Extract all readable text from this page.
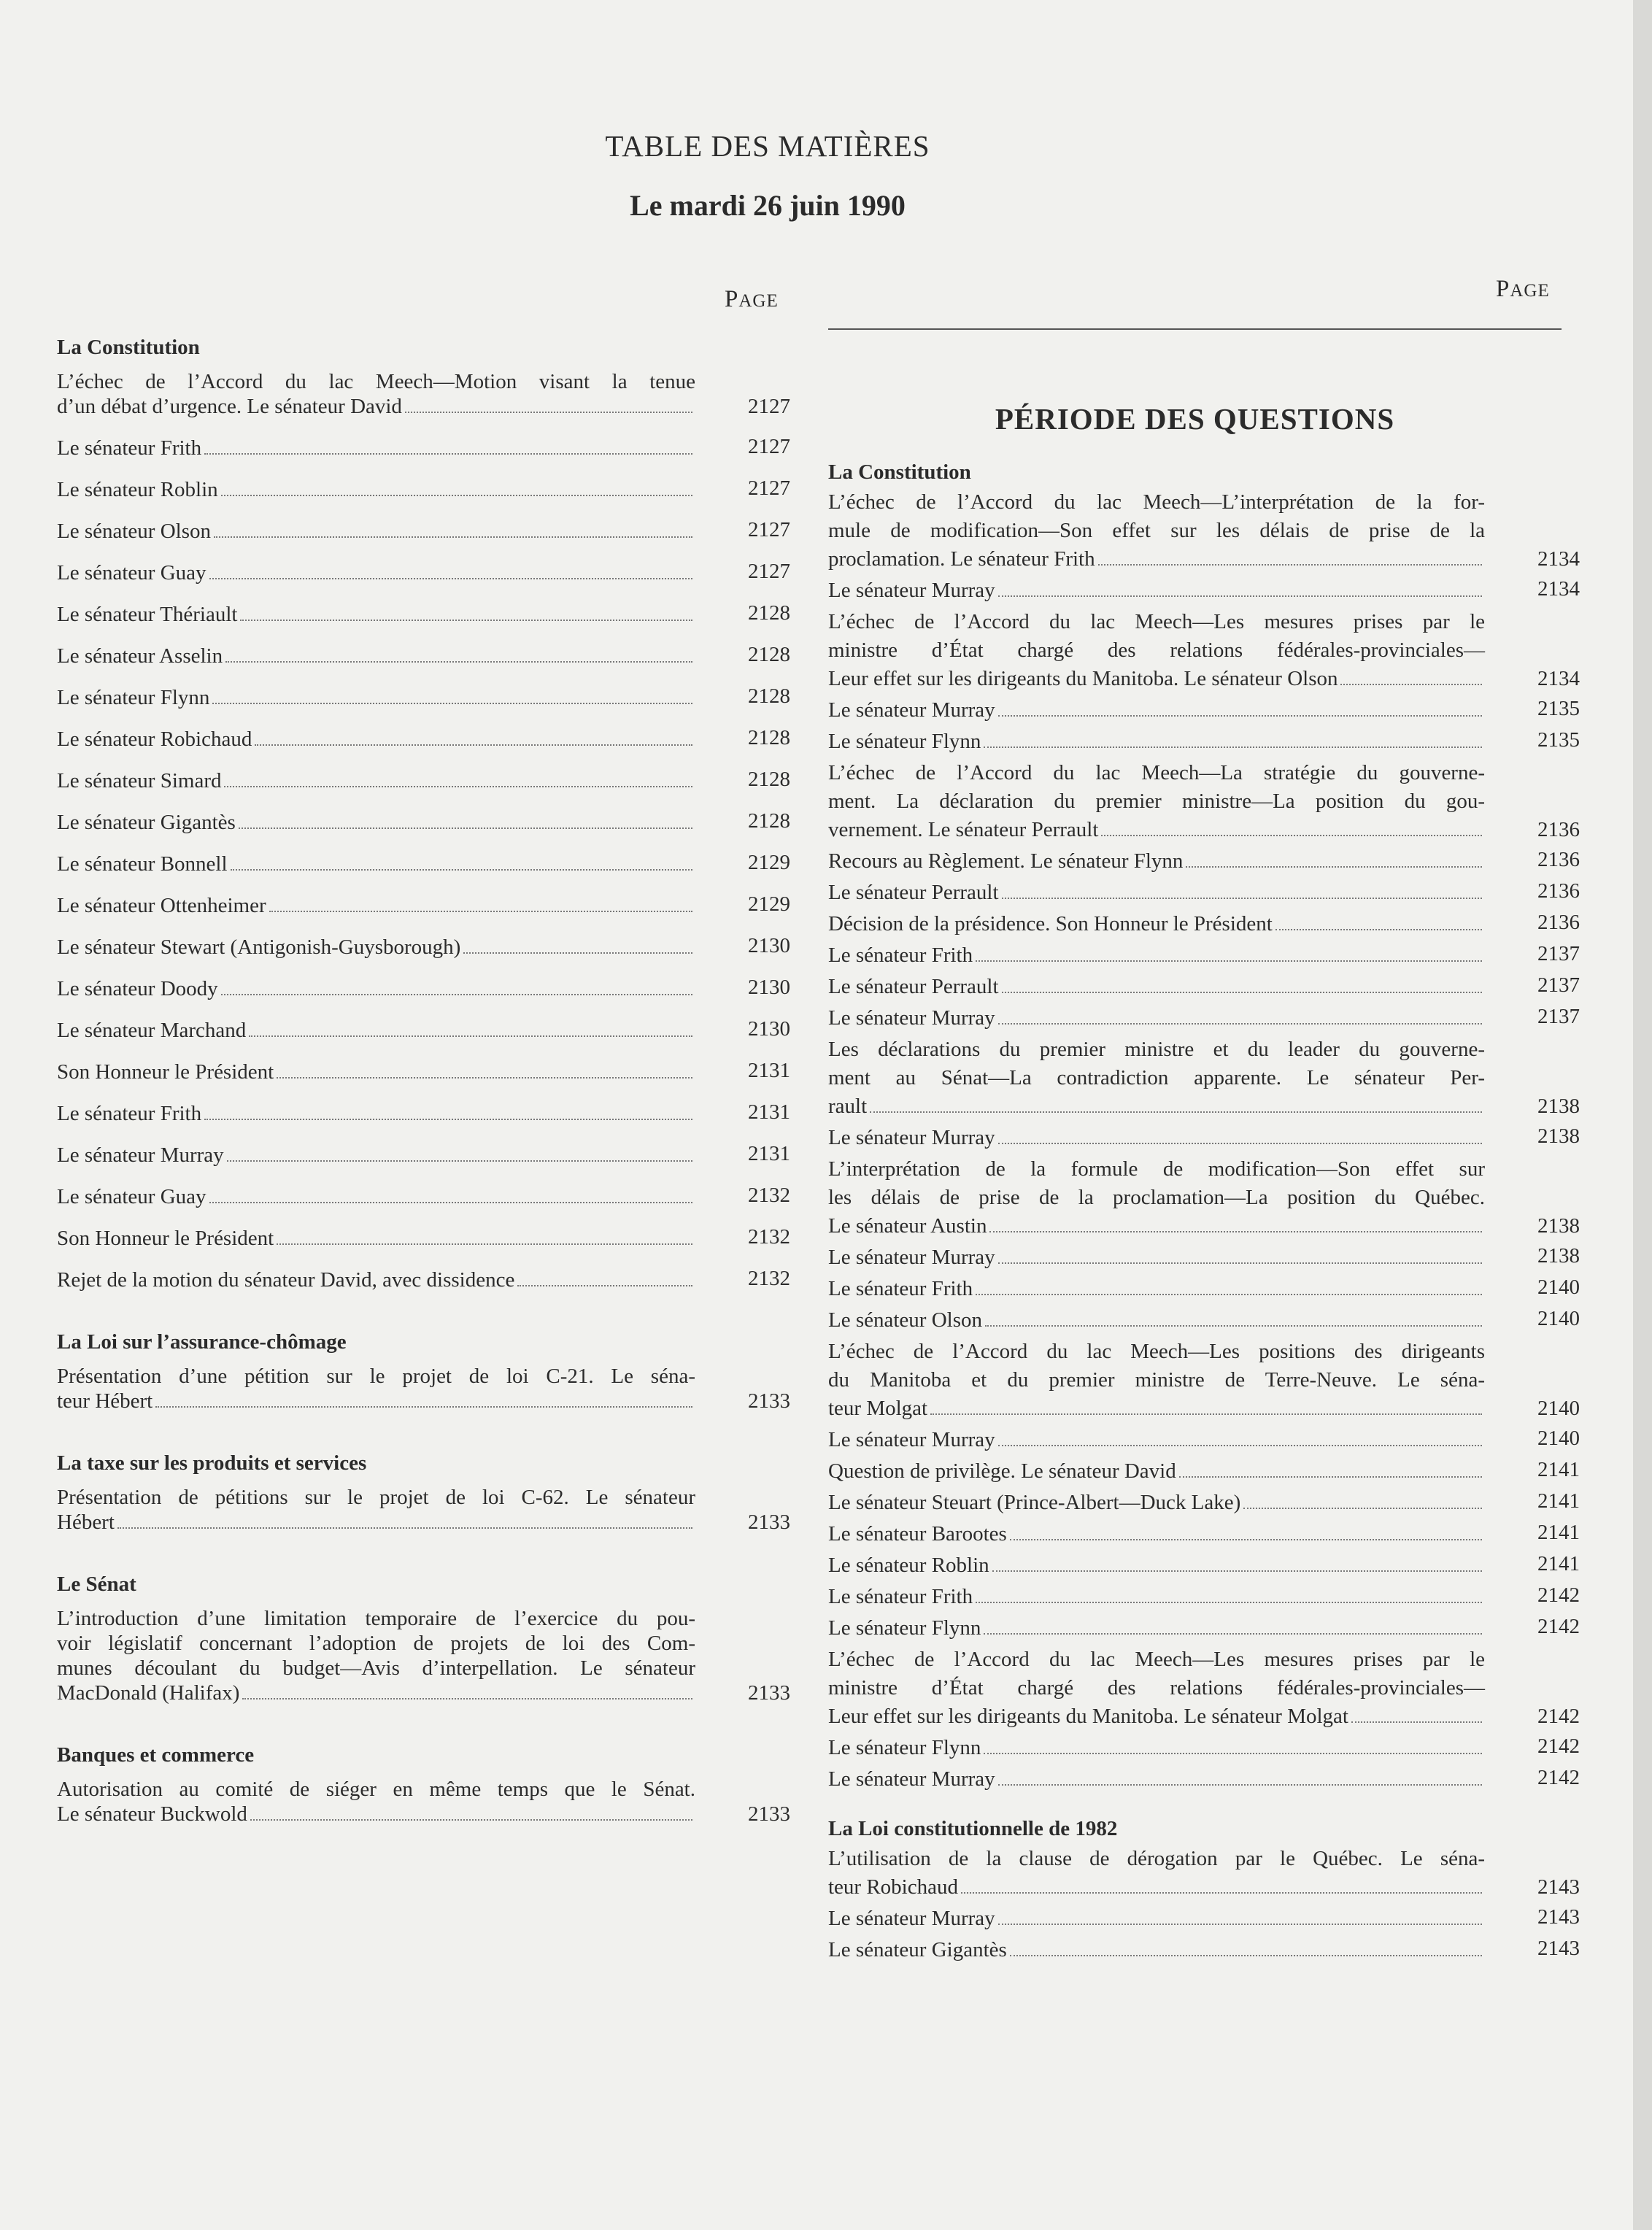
TABLE DES MATIÈRES
Le mardi 26 juin 1990
PAGE	PAGE
PÉRIODE DES QUESTIONS
La Constitution
L’échec de l’Accord du lac Meech—Motion visant la tenue
d’un débat d’urgence. Le sénateur David	2127
Le sénateur Frith	2127
Le sénateur Roblin	2127
Le sénateur Olson	2127
Le sénateur Guay	2127
Le sénateur Thériault	2128
Le sénateur Asselin	2128
Le sénateur Flynn	2128
Le sénateur Robichaud	2128
Le sénateur Simard	2128
Le sénateur Gigantès	2128
Le sénateur Bonnell	2129
Le sénateur Ottenheimer	2129
Le sénateur Stewart (Antigonish-Guysborough)	2130
Le sénateur Doody	2130
Le sénateur Marchand	2130
Son Honneur le Président	2131
Le sénateur Frith	2131
Le sénateur Murray	2131
Le sénateur Guay	2132
Son Honneur le Président	2132
Rejet de la motion du sénateur David, avec dissidence	2132
La Loi sur l’assurance-chômage
Présentation d’une pétition sur le projet de loi C-21. Le séna-
teur Hébert	2133
La taxe sur les produits et services
Présentation de pétitions sur le projet de loi C-62. Le sénateur
Hébert	2133
Le Sénat
L’introduction d’une limitation temporaire de l’exercice du pou-
voir législatif concernant l’adoption de projets de loi des Com-
munes découlant du budget—Avis d’interpellation. Le sénateur
MacDonald (Halifax)	2133
Banques et commerce
Autorisation au comité de siéger en même temps que le Sénat.
Le sénateur Buckwold	2133
La Constitution
L’échec de l’Accord du lac Meech—L’interprétation de la for-
mule de modification—Son effet sur les délais de prise de la
proclamation. Le sénateur Frith	2134
Le sénateur Murray	2134
L’échec de l’Accord du lac Meech—Les mesures prises par le
ministre d’État chargé des relations fédérales-provinciales—
Leur effet sur les dirigeants du Manitoba. Le sénateur Olson	2134
Le sénateur Murray	2135
Le sénateur Flynn	2135
L’échec de l’Accord du lac Meech—La stratégie du gouverne-
ment. La déclaration du premier ministre—La position du gou-
vernement. Le sénateur Perrault	2136
Recours au Règlement. Le sénateur Flynn	2136
Le sénateur Perrault	2136
Décision de la présidence. Son Honneur le Président	2136
Le sénateur Frith	2137
Le sénateur Perrault	2137
Le sénateur Murray	2137
Les déclarations du premier ministre et du leader du gouverne-
ment au Sénat—La contradiction apparente. Le sénateur Per-
rault	2138
Le sénateur Murray	2138
L’interprétation de la formule de modification—Son effet sur
les délais de prise de la proclamation—La position du Québec.
Le sénateur Austin	2138
Le sénateur Murray	2138
Le sénateur Frith	2140
Le sénateur Olson	2140
L’échec de l’Accord du lac Meech—Les positions des dirigeants
du Manitoba et du premier ministre de Terre-Neuve. Le séna-
teur Molgat	2140
Le sénateur Murray	2140
Question de privilège. Le sénateur David	2141
Le sénateur Steuart (Prince-Albert—Duck Lake)	2141
Le sénateur Barootes	2141
Le sénateur Roblin	2141
Le sénateur Frith	2142
Le sénateur Flynn	2142
L’échec de l’Accord du lac Meech—Les mesures prises par le
ministre d’État chargé des relations fédérales-provinciales—
Leur effet sur les dirigeants du Manitoba. Le sénateur Molgat	2142
Le sénateur Flynn	2142
Le sénateur Murray	2142
La Loi constitutionnelle de 1982
L’utilisation de la clause de dérogation par le Québec. Le séna-
teur Robichaud	2143
Le sénateur Murray	2143
Le sénateur Gigantès	2143
